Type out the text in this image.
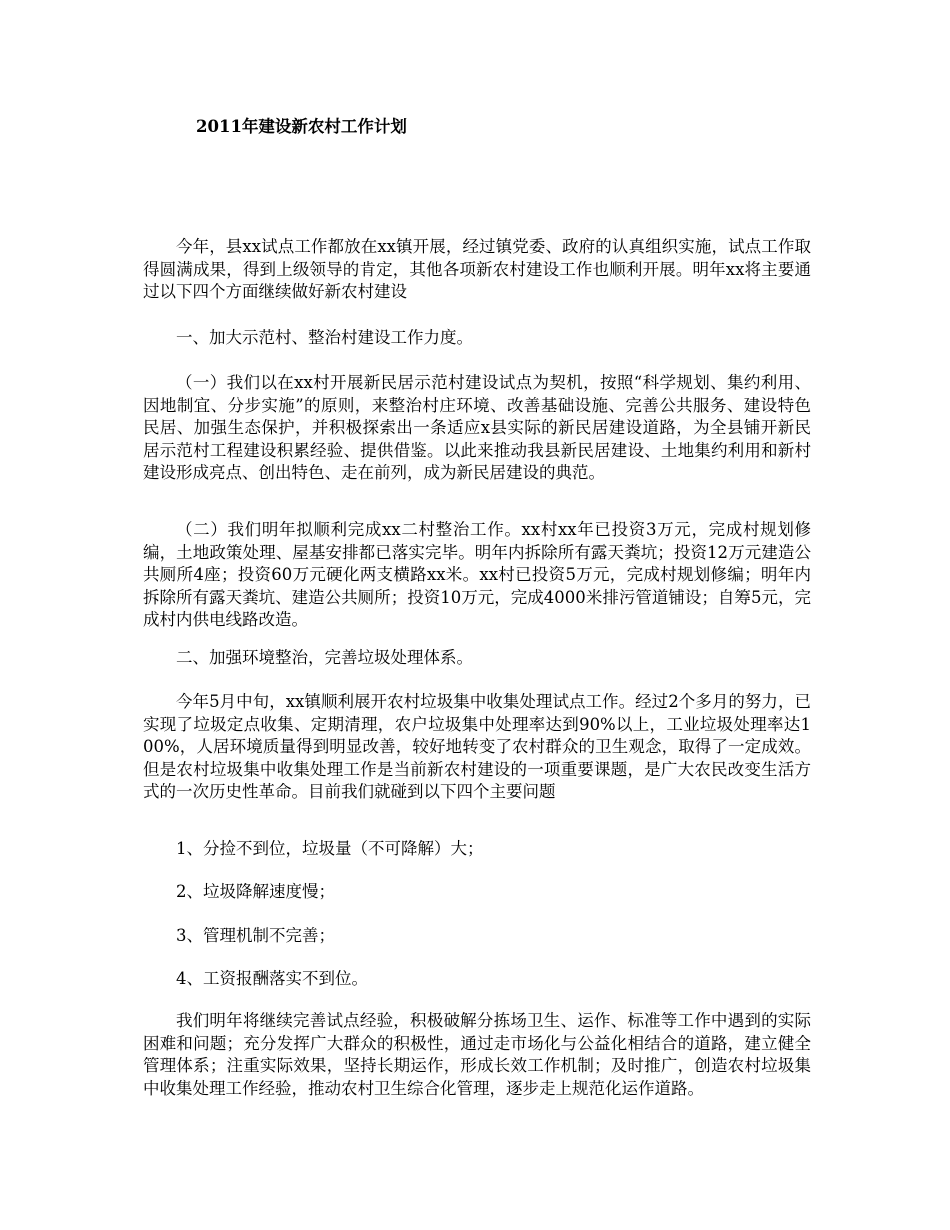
2011年建设新农村工作计划

今年，县xx试点工作都放在xx镇开展，经过镇党委、政府的认真组织实施，试点工作取得圆满成果，得到上级领导的肯定，其他各项新农村建设工作也顺利开展。明年xx将主要通过以下四个方面继续做好新农村建设

一、加大示范村、整治村建设工作力度。

（一）我们以在xx村开展新民居示范村建设试点为契机，按照“科学规划、集约利用、因地制宜、分步实施”的原则，来整治村庄环境、改善基础设施、完善公共服务、建设特色民居、加强生态保护，并积极探索出一条适应x县实际的新民居建设道路，为全县铺开新民居示范村工程建设积累经验、提供借鉴。以此来推动我县新民居建设、土地集约利用和新村建设形成亮点、创出特色、走在前列，成为新民居建设的典范。

（二）我们明年拟顺利完成xx二村整治工作。xx村xx年已投资3万元，完成村规划修编，土地政策处理、屋基安排都已落实完毕。明年内拆除所有露天粪坑；投资12万元建造公共厕所4座；投资60万元硬化两支横路xx米。xx村已投资5万元，完成村规划修编；明年内拆除所有露天粪坑、建造公共厕所；投资10万元，完成4000米排污管道铺设；自筹5元，完成村内供电线路改造。

二、加强环境整治，完善垃圾处理体系。

今年5月中旬，xx镇顺利展开农村垃圾集中收集处理试点工作。经过2个多月的努力，已实现了垃圾定点收集、定期清理，农户垃圾集中处理率达到90%以上，工业垃圾处理率达100%，人居环境质量得到明显改善，较好地转变了农村群众的卫生观念，取得了一定成效。但是农村垃圾集中收集处理工作是当前新农村建设的一项重要课题，是广大农民改变生活方式的一次历史性革命。目前我们就碰到以下四个主要问题

1、分捡不到位，垃圾量（不可降解）大；

2、垃圾降解速度慢；

3、管理机制不完善；

4、工资报酬落实不到位。

我们明年将继续完善试点经验，积极破解分拣场卫生、运作、标准等工作中遇到的实际困难和问题；充分发挥广大群众的积极性，通过走市场化与公益化相结合的道路，建立健全管理体系；注重实际效果，坚持长期运作，形成长效工作机制；及时推广，创造农村垃圾集中收集处理工作经验，推动农村卫生综合化管理，逐步走上规范化运作道路。
